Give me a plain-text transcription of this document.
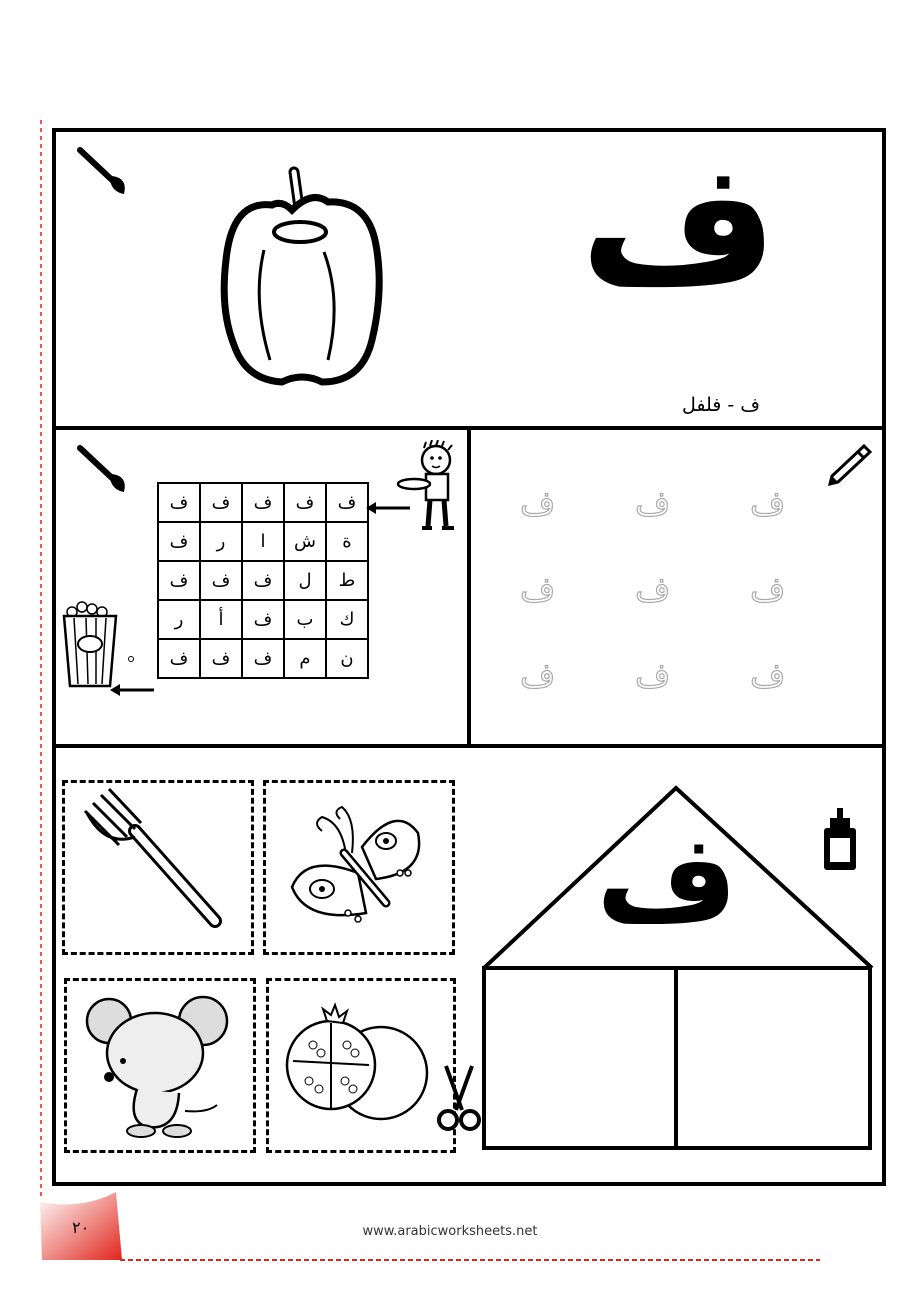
ف
ف - فلفل
ف	ف	ف	ف	ف
ة	ش	ا	ر	ف
ط	ل	ف	ف	ف
ك	ب	ف	أ	ر
ن	م	ف	ف	ف
ف
ف
ف
ف
ف
ف
ف
ف
ف
ف
٢٠	www.arabicworksheets.net
